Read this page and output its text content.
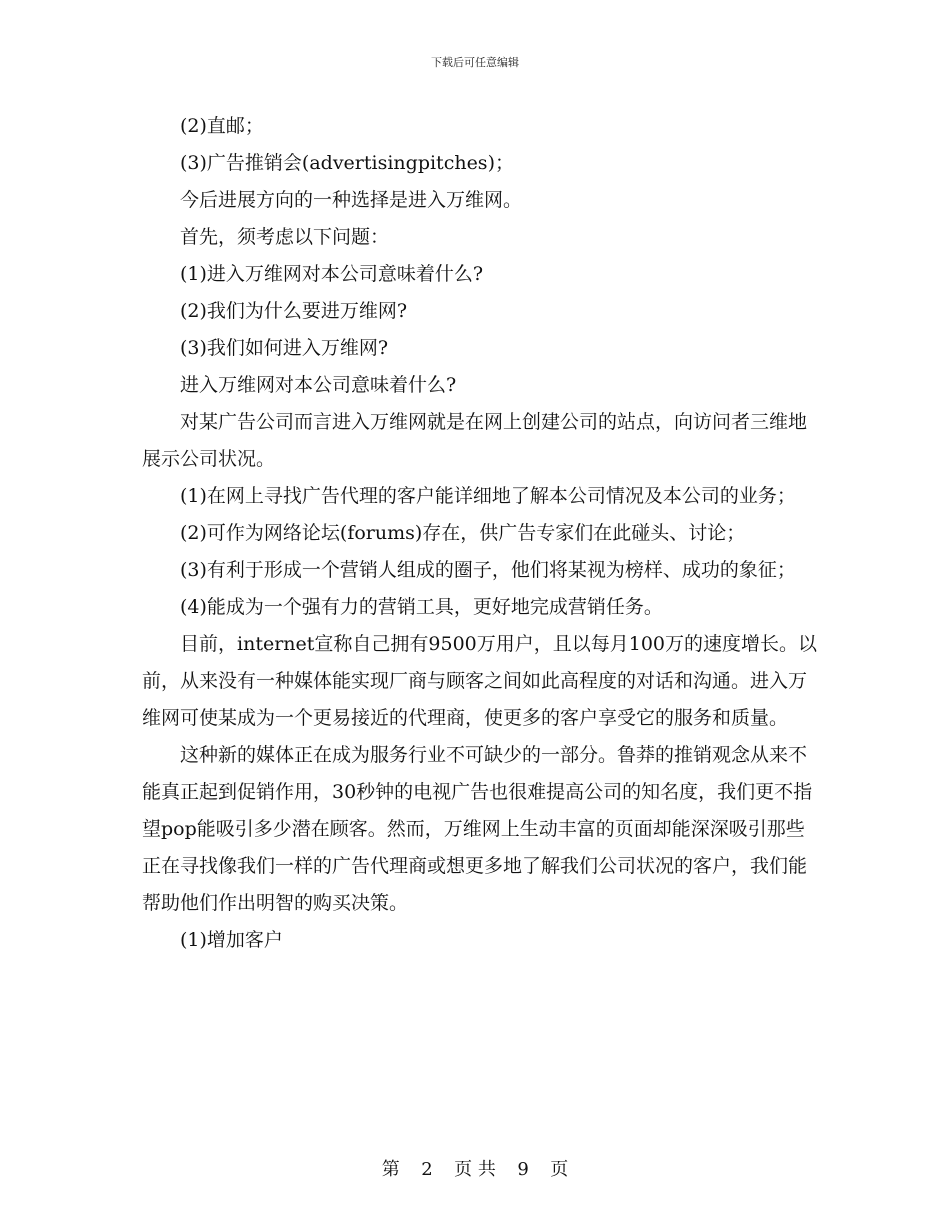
下载后可任意编辑

(2)直邮；

(3)广告推销会(advertisingpitches)；

今后进展方向的一种选择是进入万维网。

首先，须考虑以下问题：

(1)进入万维网对本公司意味着什么?

(2)我们为什么要进万维网?

(3)我们如何进入万维网?

进入万维网对本公司意味着什么?

对某广告公司而言进入万维网就是在网上创建公司的站点，向访问者三维地展示公司状况。

(1)在网上寻找广告代理的客户能详细地了解本公司情况及本公司的业务；

(2)可作为网络论坛(forums)存在，供广告专家们在此碰头、讨论；

(3)有利于形成一个营销人组成的圈子，他们将某视为榜样、成功的象征；

(4)能成为一个强有力的营销工具，更好地完成营销任务。

目前，internet宣称自己拥有9500万用户，且以每月100万的速度增长。以前，从来没有一种媒体能实现厂商与顾客之间如此高程度的对话和沟通。进入万维网可使某成为一个更易接近的代理商，使更多的客户享受它的服务和质量。

这种新的媒体正在成为服务行业不可缺少的一部分。鲁莽的推销观念从来不能真正起到促销作用，30秒钟的电视广告也很难提高公司的知名度，我们更不指望pop能吸引多少潜在顾客。然而，万维网上生动丰富的页面却能深深吸引那些正在寻找像我们一样的广告代理商或想更多地了解我们公司状况的客户，我们能帮助他们作出明智的购买决策。

(1)增加客户

第 2 页 共 9 页
